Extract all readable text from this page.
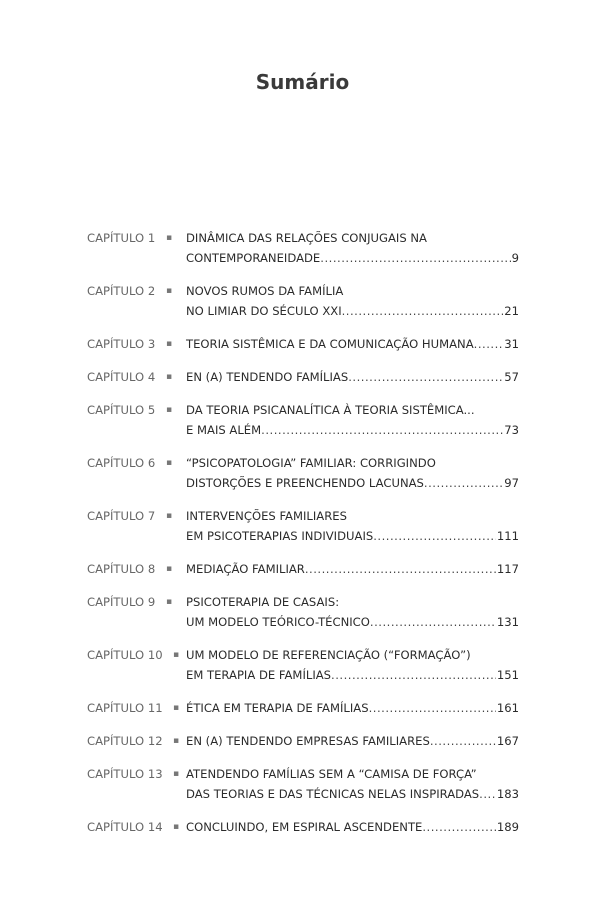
Sumário
CAPÍTULO 1 ▪ DINÂMICA DAS RELAÇÕES CONJUGAIS NA
CONTEMPORANEIDADE .....	9
CAPÍTULO 2 ▪ NOVOS RUMOS DA FAMÍLIA
NO LIMIAR DO SÉCULO XXI .....	21
CAPÍTULO 3 ▪ TEORIA SISTÊMICA E DA COMUNICAÇÃO HUMANA .....	31
CAPÍTULO 4 ▪ EN (A) TENDENDO FAMÍLIAS .....	57
CAPÍTULO 5 ▪ DA TEORIA PSICANALÍTICA À TEORIA SISTÊMICA...
E MAIS ALÉM .....	73
CAPÍTULO 6 ▪ “PSICOPATOLOGIA” FAMILIAR: CORRIGINDO
DISTORÇÕES E PREENCHENDO LACUNAS .....	97
CAPÍTULO 7 ▪ INTERVENÇÕES FAMILIARES
EM PSICOTERAPIAS INDIVIDUAIS .....	111
CAPÍTULO 8 ▪ MEDIAÇÃO FAMILIAR .....	117
CAPÍTULO 9 ▪ PSICOTERAPIA DE CASAIS:
UM MODELO TEÓRICO-TÉCNICO .....	131
CAPÍTULO 10 ▪ UM MODELO DE REFERENCIAÇÃO (“FORMAÇÃO”)
EM TERAPIA DE FAMÍLIAS .....	151
CAPÍTULO 11 ▪ ÉTICA EM TERAPIA DE FAMÍLIAS .....	161
CAPÍTULO 12 ▪ EN (A) TENDENDO EMPRESAS FAMILIARES .....	167
CAPÍTULO 13 ▪ ATENDENDO FAMÍLIAS SEM A “CAMISA DE FORÇA”
DAS TEORIAS E DAS TÉCNICAS NELAS INSPIRADAS ..... 183
CAPÍTULO 14 ▪ CONCLUINDO, EM ESPIRAL ASCENDENTE .....	189
